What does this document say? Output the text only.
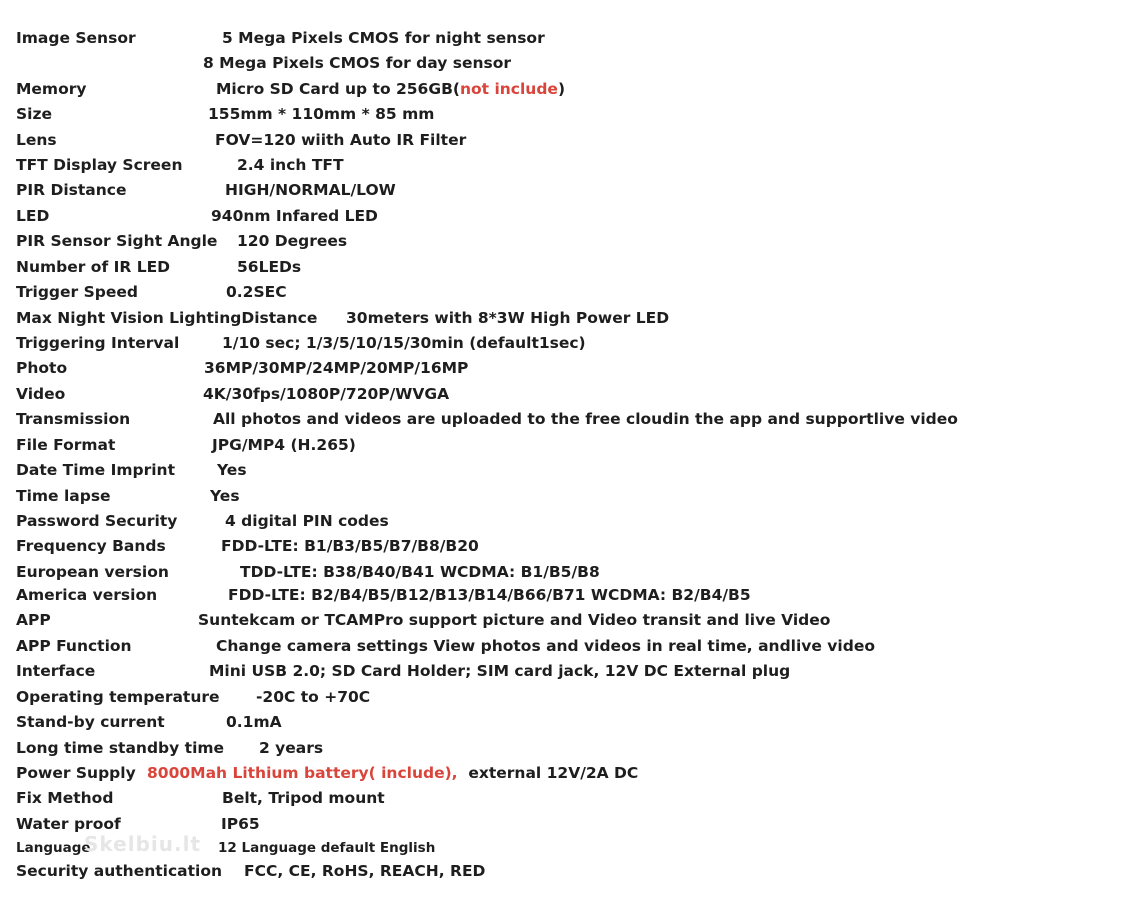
Image Sensor	5 Mega Pixels CMOS for night sensor
8 Mega Pixels CMOS for day sensor
Memory	Micro SD Card up to 256GB(not include)
Size	155mm * 110mm * 85 mm
Lens	FOV=120 wiith Auto IR Filter
TFT Display Screen	2.4 inch TFT
PIR Distance	HIGH/NORMAL/LOW
LED	940nm Infared LED
PIR Sensor Sight Angle 120 Degrees
Number of IR LED	56LEDs
Trigger Speed	0.2SEC
Max Night Vision LightingDistance 30meters with 8*3W High Power LED
Triggering Interval	1/10 sec; 1/3/5/10/15/30min (default1sec)
Photo	36MP/30MP/24MP/20MP/16MP
Video	4K/30fps/1080P/720P/WVGA
Transmission	All photos and videos are uploaded to the free cloudin the app and supportlive video
File Format	JPG/MP4 (H.265)
Date Time Imprint	Yes
Time lapse	Yes
Password Security	4 digital PIN codes
Frequency Bands	FDD-LTE: B1/B3/B5/B7/B8/B20
European version	TDD-LTE: B38/B40/B41 WCDMA: B1/B5/B8
America version	FDD-LTE: B2/B4/B5/B12/B13/B14/B66/B71 WCDMA: B2/B4/B5
APP	Suntekcam or TCAMPro support picture and Video transit and live Video
APP Function	Change camera settings View photos and videos in real time, andlive video
Interface	Mini USB 2.0; SD Card Holder; SIM card jack, 12V DC External plug
Operating temperature -20C to +70C
Stand-by current	0.1mA
Long time standby time 2 years
Power Supply 8000Mah Lithium battery( include),  external 12V/2A DC
Fix Method	Belt, Tripod mount
Water proof	IP65
Language	12 Language default English
Security authentication FCC, CE, RoHS, REACH, RED
Skelbiu.lt
